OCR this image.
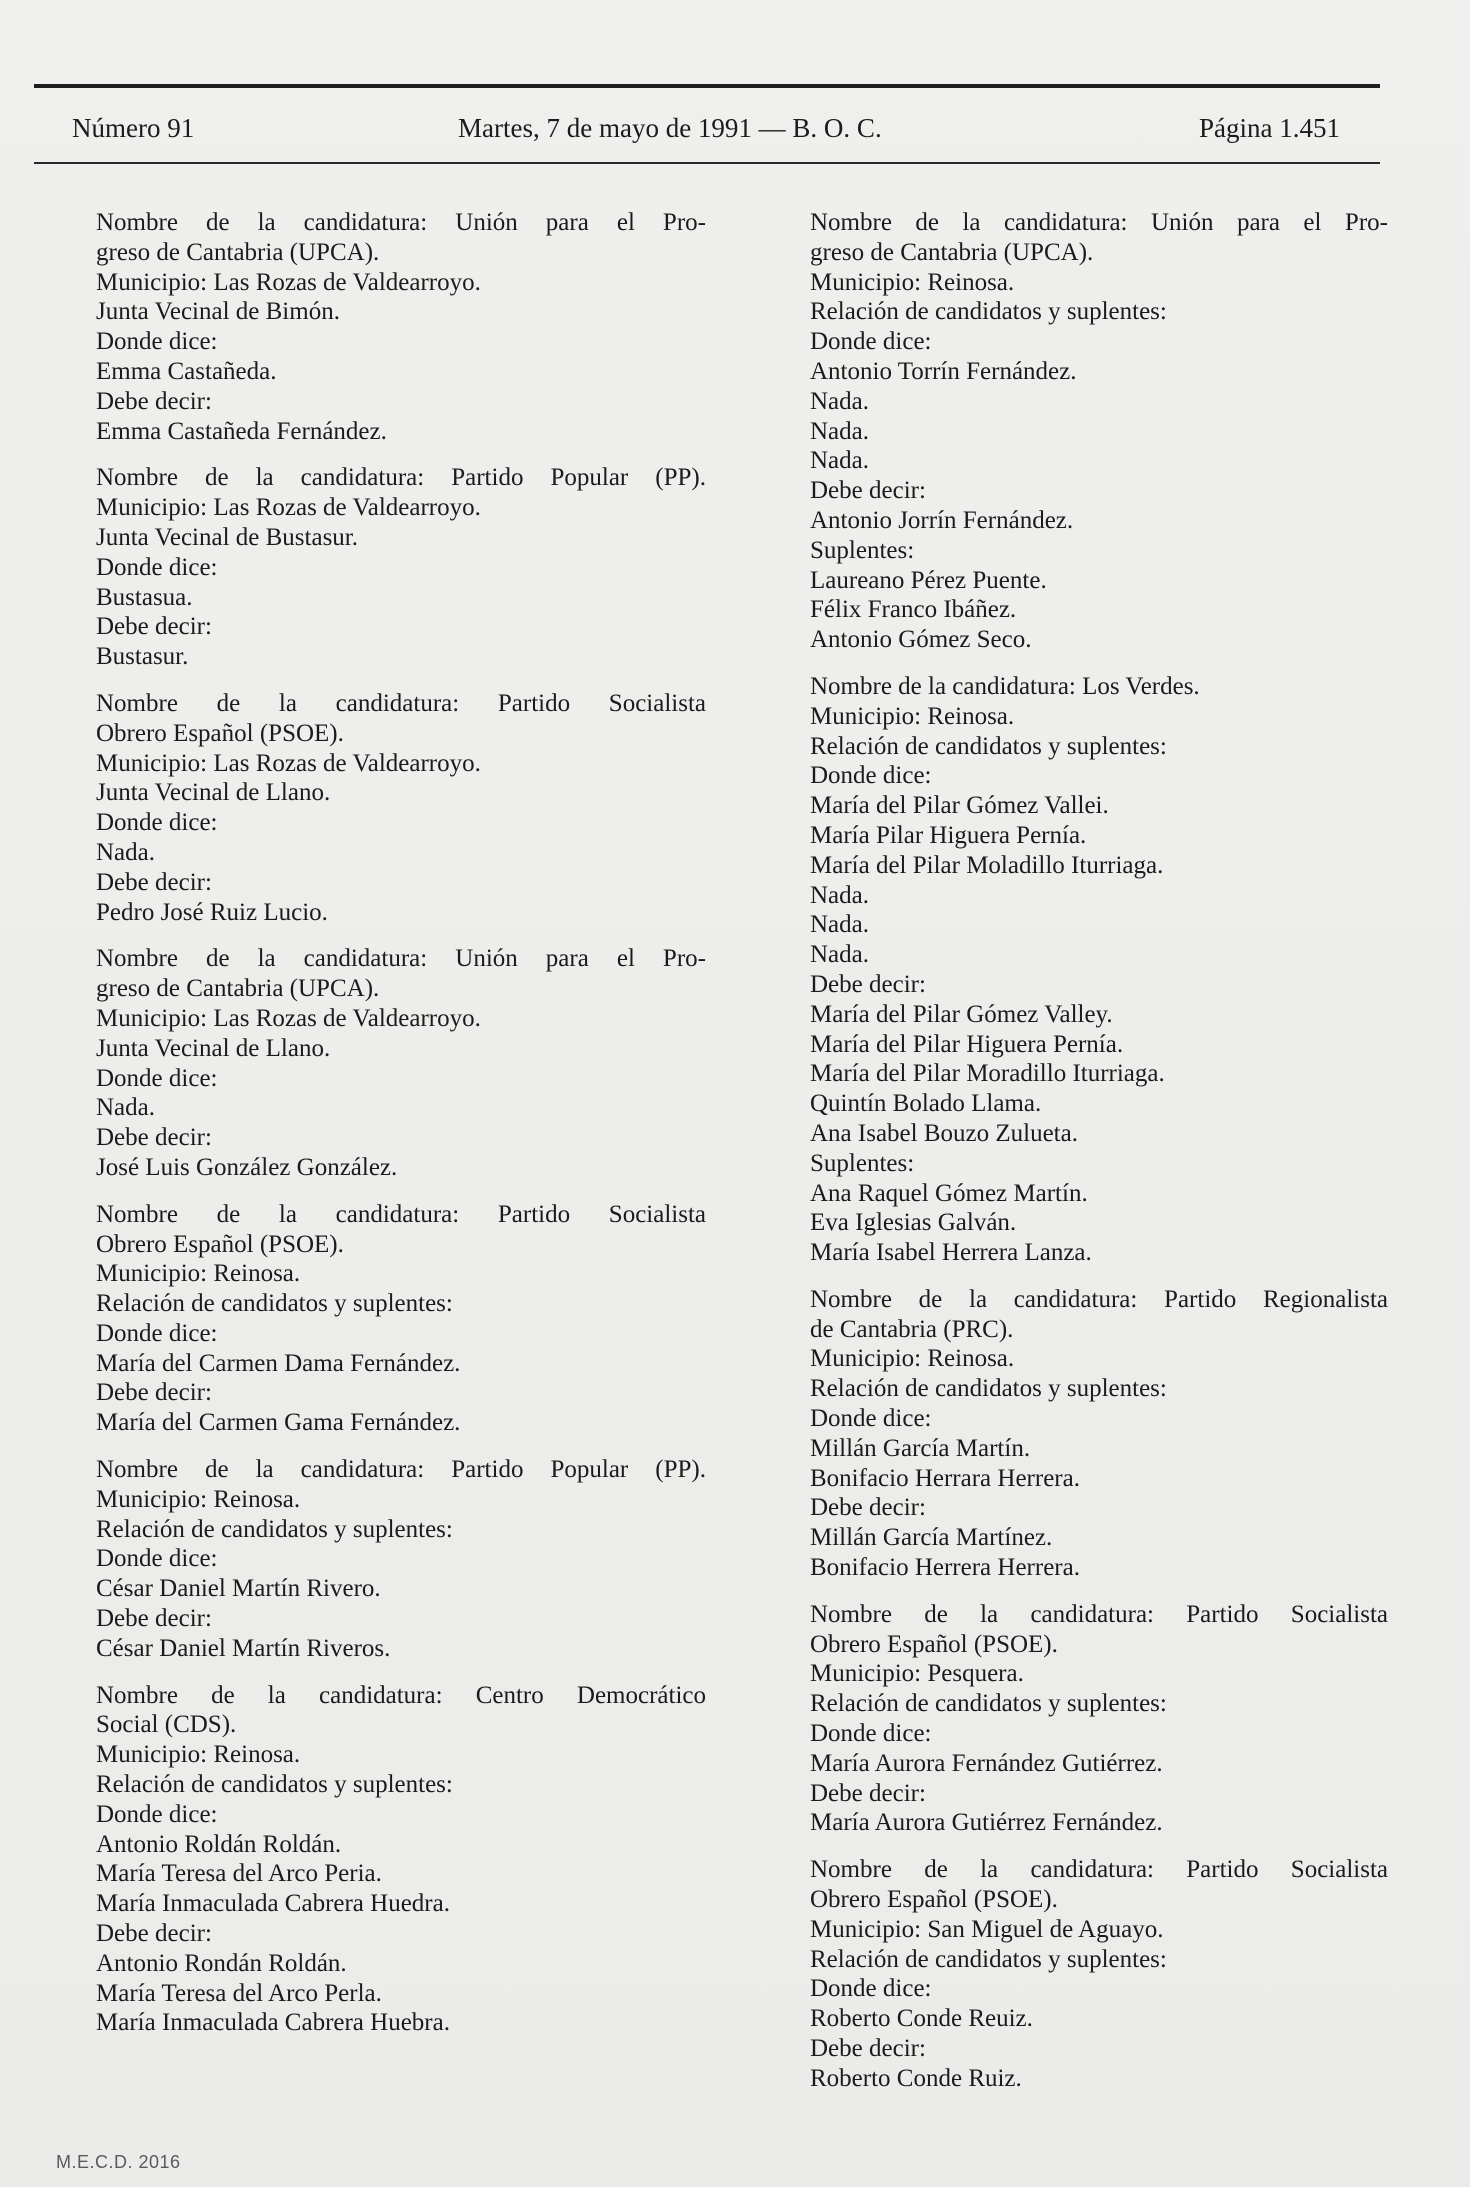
Número 91	Martes, 7 de mayo de 1991 — B. O. C.	Página 1.451
Nombre de la candidatura: Unión para el Pro-
greso de Cantabria (UPCA).
Municipio: Las Rozas de Valdearroyo.
Junta Vecinal de Bimón.
Donde dice:
Emma Castañeda.
Debe decir:
Emma Castañeda Fernández.
Nombre de la candidatura: Partido Popular (PP).
Municipio: Las Rozas de Valdearroyo.
Junta Vecinal de Bustasur.
Donde dice:
Bustasua.
Debe decir:
Bustasur.
Nombre de la candidatura: Partido Socialista
Obrero Español (PSOE).
Municipio: Las Rozas de Valdearroyo.
Junta Vecinal de Llano.
Donde dice:
Nada.
Debe decir:
Pedro José Ruiz Lucio.
Nombre de la candidatura: Unión para el Pro-
greso de Cantabria (UPCA).
Municipio: Las Rozas de Valdearroyo.
Junta Vecinal de Llano.
Donde dice:
Nada.
Debe decir:
José Luis González González.
Nombre de la candidatura: Partido Socialista
Obrero Español (PSOE).
Municipio: Reinosa.
Relación de candidatos y suplentes:
Donde dice:
María del Carmen Dama Fernández.
Debe decir:
María del Carmen Gama Fernández.
Nombre de la candidatura: Partido Popular (PP).
Municipio: Reinosa.
Relación de candidatos y suplentes:
Donde dice:
César Daniel Martín Rivero.
Debe decir:
César Daniel Martín Riveros.
Nombre de la candidatura: Centro Democrático
Social (CDS).
Municipio: Reinosa.
Relación de candidatos y suplentes:
Donde dice:
Antonio Roldán Roldán.
María Teresa del Arco Peria.
María Inmaculada Cabrera Huedra.
Debe decir:
Antonio Rondán Roldán.
María Teresa del Arco Perla.
María Inmaculada Cabrera Huebra.
Nombre de la candidatura: Unión para el Pro-
greso de Cantabria (UPCA).
Municipio: Reinosa.
Relación de candidatos y suplentes:
Donde dice:
Antonio Torrín Fernández.
Nada.
Nada.
Nada.
Debe decir:
Antonio Jorrín Fernández.
Suplentes:
Laureano Pérez Puente.
Félix Franco Ibáñez.
Antonio Gómez Seco.
Nombre de la candidatura: Los Verdes.
Municipio: Reinosa.
Relación de candidatos y suplentes:
Donde dice:
María del Pilar Gómez Vallei.
María Pilar Higuera Pernía.
María del Pilar Moladillo Iturriaga.
Nada.
Nada.
Nada.
Debe decir:
María del Pilar Gómez Valley.
María del Pilar Higuera Pernía.
María del Pilar Moradillo Iturriaga.
Quintín Bolado Llama.
Ana Isabel Bouzo Zulueta.
Suplentes:
Ana Raquel Gómez Martín.
Eva Iglesias Galván.
María Isabel Herrera Lanza.
Nombre de la candidatura: Partido Regionalista
de Cantabria (PRC).
Municipio: Reinosa.
Relación de candidatos y suplentes:
Donde dice:
Millán García Martín.
Bonifacio Herrara Herrera.
Debe decir:
Millán García Martínez.
Bonifacio Herrera Herrera.
Nombre de la candidatura: Partido Socialista
Obrero Español (PSOE).
Municipio: Pesquera.
Relación de candidatos y suplentes:
Donde dice:
María Aurora Fernández Gutiérrez.
Debe decir:
María Aurora Gutiérrez Fernández.
Nombre de la candidatura: Partido Socialista
Obrero Español (PSOE).
Municipio: San Miguel de Aguayo.
Relación de candidatos y suplentes:
Donde dice:
Roberto Conde Reuiz.
Debe decir:
Roberto Conde Ruiz.
M.E.C.D. 2016
